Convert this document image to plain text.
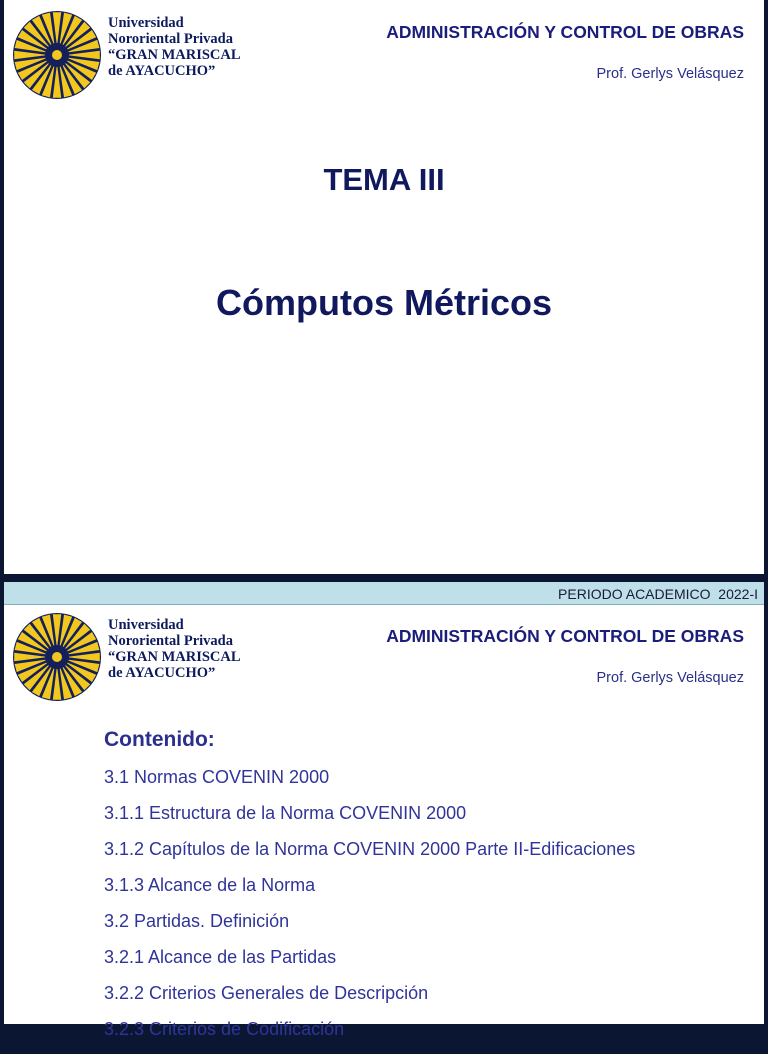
Universidad
Nororiental Privada
“GRAN MARISCAL
de AYACUCHO”
ADMINISTRACIÓN Y CONTROL DE OBRAS
Prof. Gerlys Velásquez
TEMA III
Cómputos Métricos
PERIODO ACADEMICO  2022-I
Universidad
Nororiental Privada
“GRAN MARISCAL
de AYACUCHO”
ADMINISTRACIÓN Y CONTROL DE OBRAS
Prof. Gerlys Velásquez
Contenido:
3.1 Normas COVENIN 2000
3.1.1 Estructura de la Norma COVENIN 2000
3.1.2 Capítulos de la Norma COVENIN 2000 Parte II-Edificaciones
3.1.3 Alcance de la Norma
3.2 Partidas. Definición
3.2.1 Alcance de las Partidas
3.2.2 Criterios Generales de Descripción
3.2.3 Criterios de Codificación
